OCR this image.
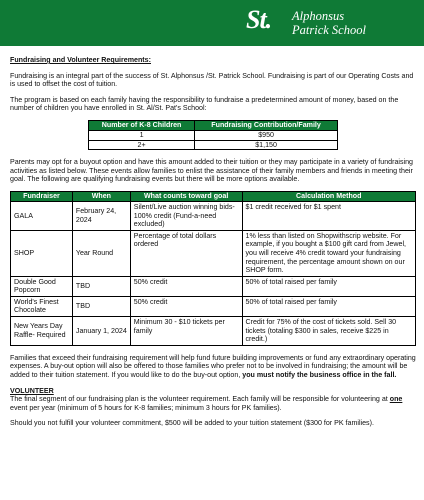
St. Alphonsus
Patrick School

Fundraising and Volunteer Requirements:

Fundraising is an integral part of the success of St. Alphonsus /St. Patrick School. Fundraising is part of our Operating Costs and is used to offset the cost of tuition.

The program is based on each family having the responsibility to fundraise a predetermined amount of money, based on the number of children you have enrolled in St. Al/St. Pat's School:

Number of K-8 Children	Fundraising Contribution/Family
1	$950
2+	$1,150

Parents may opt for a buyout option and have this amount added to their tuition or they may participate in a variety of fundraising activities as listed below. These events allow families to enlist the assistance of their family members and friends in meeting their goal. The following are qualifying fundraising events but there will be more options available.

Fundraiser	When	What counts toward goal	Calculation Method
GALA	February 24, 2024	Silent/Live auction winning bids-100% credit (Fund-a-need excluded)	$1 credit received for $1 spent
SHOP	Year Round	Percentage of total dollars ordered	1% less than listed on Shopwithscrip website. For example, if you bought a $100 gift card from Jewel, you will receive 4% credit toward your fundraising requirement, the percentage amount shown on our SHOP form.
Double Good Popcorn	TBD	50% credit	50% of total raised per family
World's Finest Chocolate	TBD	50% credit	50% of total raised per family
New Years Day Raffle- Required	January 1, 2024	Minimum 30 - $10 tickets per family	Credit for 75% of the cost of tickets sold. Sell 30 tickets (totaling $300 in sales, receive $225 in credit.)

Families that exceed their fundraising requirement will help fund future building improvements or fund any extraordinary operating expenses. A buy-out option will also be offered to those families who prefer not to be involved in fundraising; the amount will be added to their tuition statement. If you would like to do the buy-out option, you must notify the business office in the fall.

VOLUNTEER

The final segment of our fundraising plan is the volunteer requirement. Each family will be responsible for volunteering at one event per year (minimum of 5 hours for K-8 families; minimum 3 hours for PK families).

Should you not fulfill your volunteer commitment, $500 will be added to your tuition statement ($300 for PK families).
